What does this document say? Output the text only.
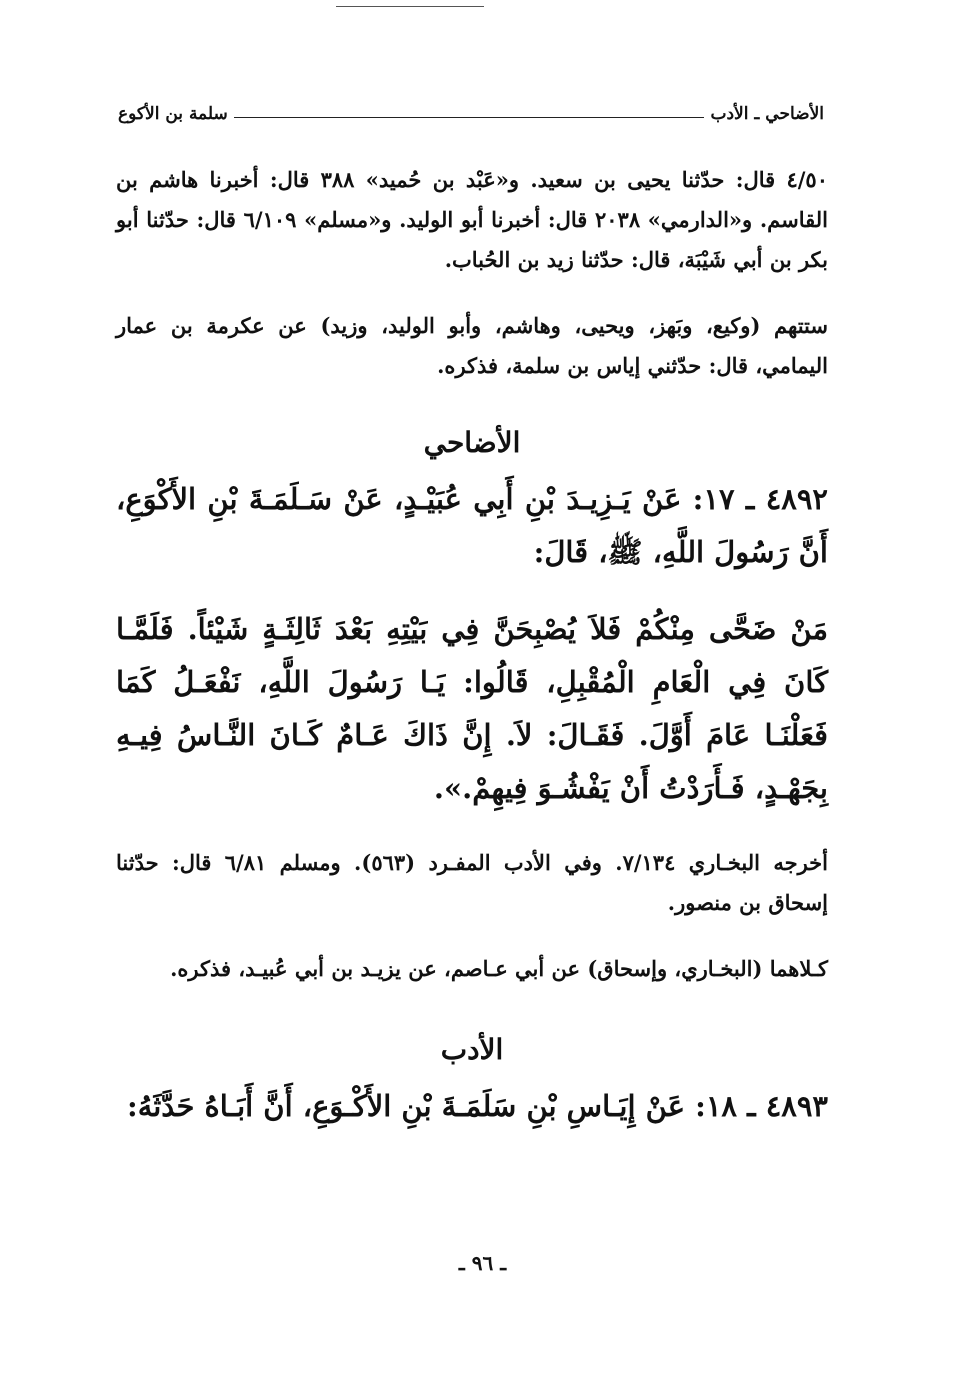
الأضاحي ـ الأدب
سلمة بن الأكوع

٤/٥٠ قال: حدّثنا يحيى بن سعيد. و«عَبْد بن حُميد» ٣٨٨ قال: أخبرنا هاشم بن القاسم. و«الدارمي» ٢٠٣٨ قال: أخبرنا أبو الوليد. و«مسلم» ٦/١٠٩ قال: حدّثنا أبو بكر بن أبي شَيْبَة، قال: حدّثنا زيد بن الحُباب.

ستتهم (وكيع، وبَهز، ويحيى، وهاشم، وأبو الوليد، وزيد) عن عكرمة بن عمار اليمامي، قال: حدّثني إياس بن سلمة، فذكره.

الأضاحي

٤٨٩٢ ـ ١٧: عَنْ يَـزِيـدَ بْنِ أَبِي عُبَيْـدٍ، عَنْ سَـلَمَـةَ بْنِ الأَكْوَعِ، أَنَّ رَسُولَ اللَّهِ، ﷺ، قَالَ:

مَنْ ضَحَّى مِنْكُمْ فَلاَ يُصْبِحَنَّ فِي بَيْتِهِ بَعْدَ ثَالِثَـةٍ شَيْئاً. فَلَمَّـا كَانَ فِي الْعَامِ الْمُقْبِلِ، قَالُوا: يَـا رَسُولَ اللَّهِ، نَفْعَـلُ كَمَا فَعَلْنَـا عَامَ أَوَّلَ. فَقَـالَ: لاَ. إِنَّ ذَاكَ عَـامٌ كَـانَ النَّـاسُ فِيـهِ بِجَهْـدٍ، فَـأَرَدْتُ أَنْ يَفْشُـوَ فِيهِمْ.».

أخرجه البخـاري ٧/١٣٤. وفي الأدب المفـرد (٥٦٣). ومسلم ٦/٨١ قال: حدّثنا إسحاق بن منصور.

كـلاهما (البخـاري، وإسحاق) عن أبي عـاصم، عن يزيـد بن أبي عُبيـد، فذكره.

الأدب

٤٨٩٣ ـ ١٨: عَنْ إِيَـاسِ بْنِ سَلَمَـةَ بْنِ الأَكْـوَعِ، أَنَّ أَبَـاهُ حَدَّثَهُ:

ـ ٩٦ ـ
